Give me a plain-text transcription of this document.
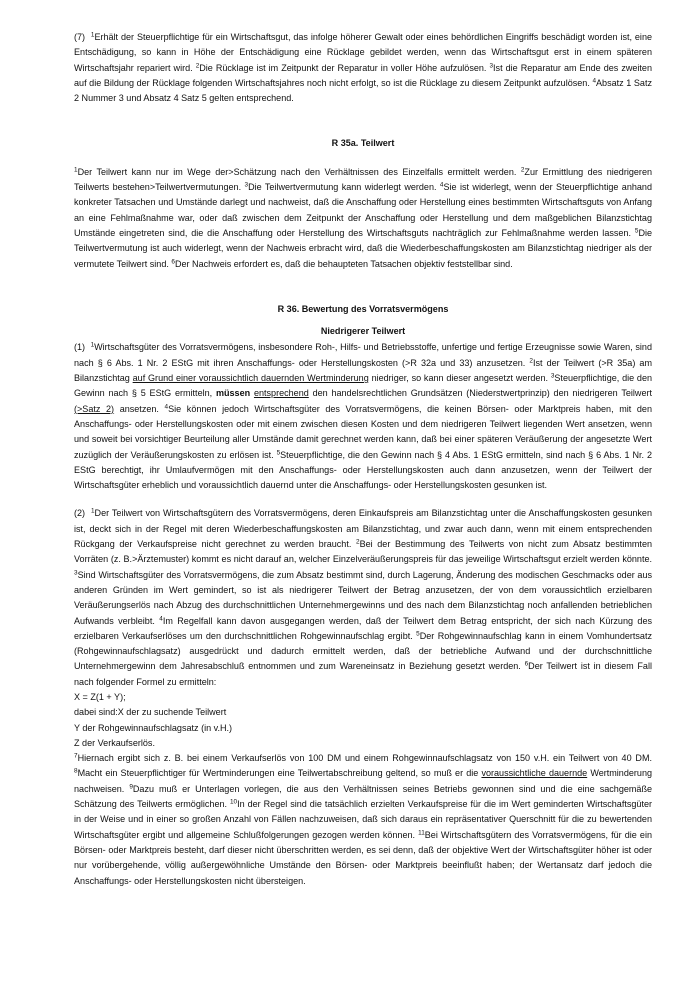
(7) $^1$Erhält der Steuerpflichtige für ein Wirtschaftsgut, das infolge höherer Gewalt oder eines behördlichen Eingriffs beschädigt worden ist, eine Entschädigung, so kann in Höhe der Entschädigung eine Rücklage gebildet werden, wenn das Wirtschaftsgut erst in einem späteren Wirtschaftsjahr repariert wird. $^2$Die Rücklage ist im Zeitpunkt der Reparatur in voller Höhe aufzulösen. $^3$Ist die Reparatur am Ende des zweiten auf die Bildung der Rücklage folgenden Wirtschaftsjahres noch nicht erfolgt, so ist die Rücklage zu diesem Zeitpunkt aufzulösen. $^4$Absatz 1 Satz 2 Nummer 3 und Absatz 4 Satz 5 gelten entsprechend.

R 35a. Teilwert

$^1$Der Teilwert kann nur im Wege der>Schätzung nach den Verhältnissen des Einzelfalls ermittelt werden. $^2$Zur Ermittlung des niedrigeren Teilwerts bestehen>Teilwertvermutungen. $^3$Die Teilwertvermutung kann widerlegt werden. $^4$Sie ist widerlegt, wenn der Steuerpflichtige anhand konkreter Tatsachen und Umstände darlegt und nachweist, daß die Anschaffung oder Herstellung eines bestimmten Wirtschaftsguts von Anfang an eine Fehlmaßnahme war, oder daß zwischen dem Zeitpunkt der Anschaffung oder Herstellung und dem maßgeblichen Bilanzstichtag Umstände eingetreten sind, die die Anschaffung oder Herstellung des Wirtschaftsguts nachträglich zur Fehlmaßnahme werden lassen. $^5$Die Teilwertvermutung ist auch widerlegt, wenn der Nachweis erbracht wird, daß die Wiederbeschaffungskosten am Bilanzstichtag niedriger als der vermutete Teilwert sind. $^6$Der Nachweis erfordert es, daß die behaupteten Tatsachen objektiv feststellbar sind.

R 36. Bewertung des Vorratsvermögens

Niedrigerer Teilwert

(1) $^1$Wirtschaftsgüter des Vorratsvermögens, insbesondere Roh-, Hilfs- und Betriebsstoffe, unfertige und fertige Erzeugnisse sowie Waren, sind nach § 6 Abs. 1 Nr. 2 EStG mit ihren Anschaffungs- oder Herstellungskosten (>R 32a und 33) anzusetzen. $^2$Ist der Teilwert (>R 35a) am Bilanzstichtag auf Grund einer voraussichtlich dauernden Wertminderung niedriger, so kann dieser angesetzt werden. $^3$Steuerpflichtige, die den Gewinn nach § 5 EStG ermitteln, müssen entsprechend den handelsrechtlichen Grundsätzen (Niederstwertprinzip) den niedrigeren Teilwert (>Satz 2) ansetzen. $^4$Sie können jedoch Wirtschaftsgüter des Vorratsvermögens, die keinen Börsen- oder Marktpreis haben, mit den Anschaffungs- oder Herstellungskosten oder mit einem zwischen diesen Kosten und dem niedrigeren Teilwert liegenden Wert ansetzen, wenn und soweit bei vorsichtiger Beurteilung aller Umstände damit gerechnet werden kann, daß bei einer späteren Veräußerung der angesetzte Wert zuzüglich der Veräußerungskosten zu erlösen ist. $^5$Steuerpflichtige, die den Gewinn nach § 4 Abs. 1 EStG ermitteln, sind nach § 6 Abs. 1 Nr. 2 EStG berechtigt, ihr Umlaufvermögen mit den Anschaffungs- oder Herstellungskosten auch dann anzusetzen, wenn der Teilwert der Wirtschaftsgüter erheblich und voraussichtlich dauernd unter die Anschaffungs- oder Herstellungskosten gesunken ist.

(2) $^1$Der Teilwert von Wirtschaftsgütern des Vorratsvermögens, deren Einkaufspreis am Bilanzstichtag unter die Anschaffungskosten gesunken ist, deckt sich in der Regel mit deren Wiederbeschaffungskosten am Bilanzstichtag, und zwar auch dann, wenn mit einem entsprechenden Rückgang der Verkaufspreise nicht gerechnet zu werden braucht. $^2$Bei der Bestimmung des Teilwerts von nicht zum Absatz bestimmten Vorräten (z. B.>Ärztemuster) kommt es nicht darauf an, welcher Einzelveräußerungspreis für das jeweilige Wirtschaftsgut erzielt werden könnte. $^3$Sind Wirtschaftsgüter des Vorratsvermögens, die zum Absatz bestimmt sind, durch Lagerung, Änderung des modischen Geschmacks oder aus anderen Gründen im Wert gemindert, so ist als niedrigerer Teilwert der Betrag anzusetzen, der von dem voraussichtlich erzielbaren Veräußerungserlös nach Abzug des durchschnittlichen Unternehmergewinns und des nach dem Bilanzstichtag noch anfallenden betrieblichen Aufwands verbleibt. $^4$Im Regelfall kann davon ausgegangen werden, daß der Teilwert dem Betrag entspricht, der sich nach Kürzung des erzielbaren Verkaufserlöses um den durchschnittlichen Rohgewinnaufschlag ergibt. $^5$Der Rohgewinnaufschlag kann in einem Vomhundertsatz (Rohgewinnaufschlagsatz) ausgedrückt und dadurch ermittelt werden, daß der betriebliche Aufwand und der durchschnittliche Unternehmergewinn dem Jahresabschluß entnommen und zum Wareneinsatz in Beziehung gesetzt werden. $^6$Der Teilwert ist in diesem Fall nach folgender Formel zu ermitteln:
X = Z(1 + Y);
dabei sind:X der zu suchende Teilwert
Y der Rohgewinnaufschlagsatz (in v.H.)
Z der Verkaufserlös.
$^7$Hiernach ergibt sich z. B. bei einem Verkaufserlös von 100 DM und einem Rohgewinnaufschlagsatz von 150 v.H. ein Teilwert von 40 DM. $^8$Macht ein Steuerpflichtiger für Wertminderungen eine Teilwertabschreibung geltend, so muß er die voraussichtliche dauernde Wertminderung nachweisen. $^9$Dazu muß er Unterlagen vorlegen, die aus den Verhältnissen seines Betriebs gewonnen sind und die eine sachgemäße Schätzung des Teilwerts ermöglichen. $^{10}$In der Regel sind die tatsächlich erzielten Verkaufspreise für die im Wert geminderten Wirtschaftsgüter in der Weise und in einer so großen Anzahl von Fällen nachzuweisen, daß sich daraus ein repräsentativer Querschnitt für die zu bewertenden Wirtschaftsgüter ergibt und allgemeine Schlußfolgerungen gezogen werden können. $^{11}$Bei Wirtschaftsgütern des Vorratsvermögens, für die ein Börsen- oder Marktpreis besteht, darf dieser nicht überschritten werden, es sei denn, daß der objektive Wert der Wirtschaftsgüter höher ist oder nur vorübergehende, völlig außergewöhnliche Umstände den Börsen- oder Marktpreis beeinflußt haben; der Wertansatz darf jedoch die Anschaffungs- oder Herstellungskosten nicht übersteigen.
